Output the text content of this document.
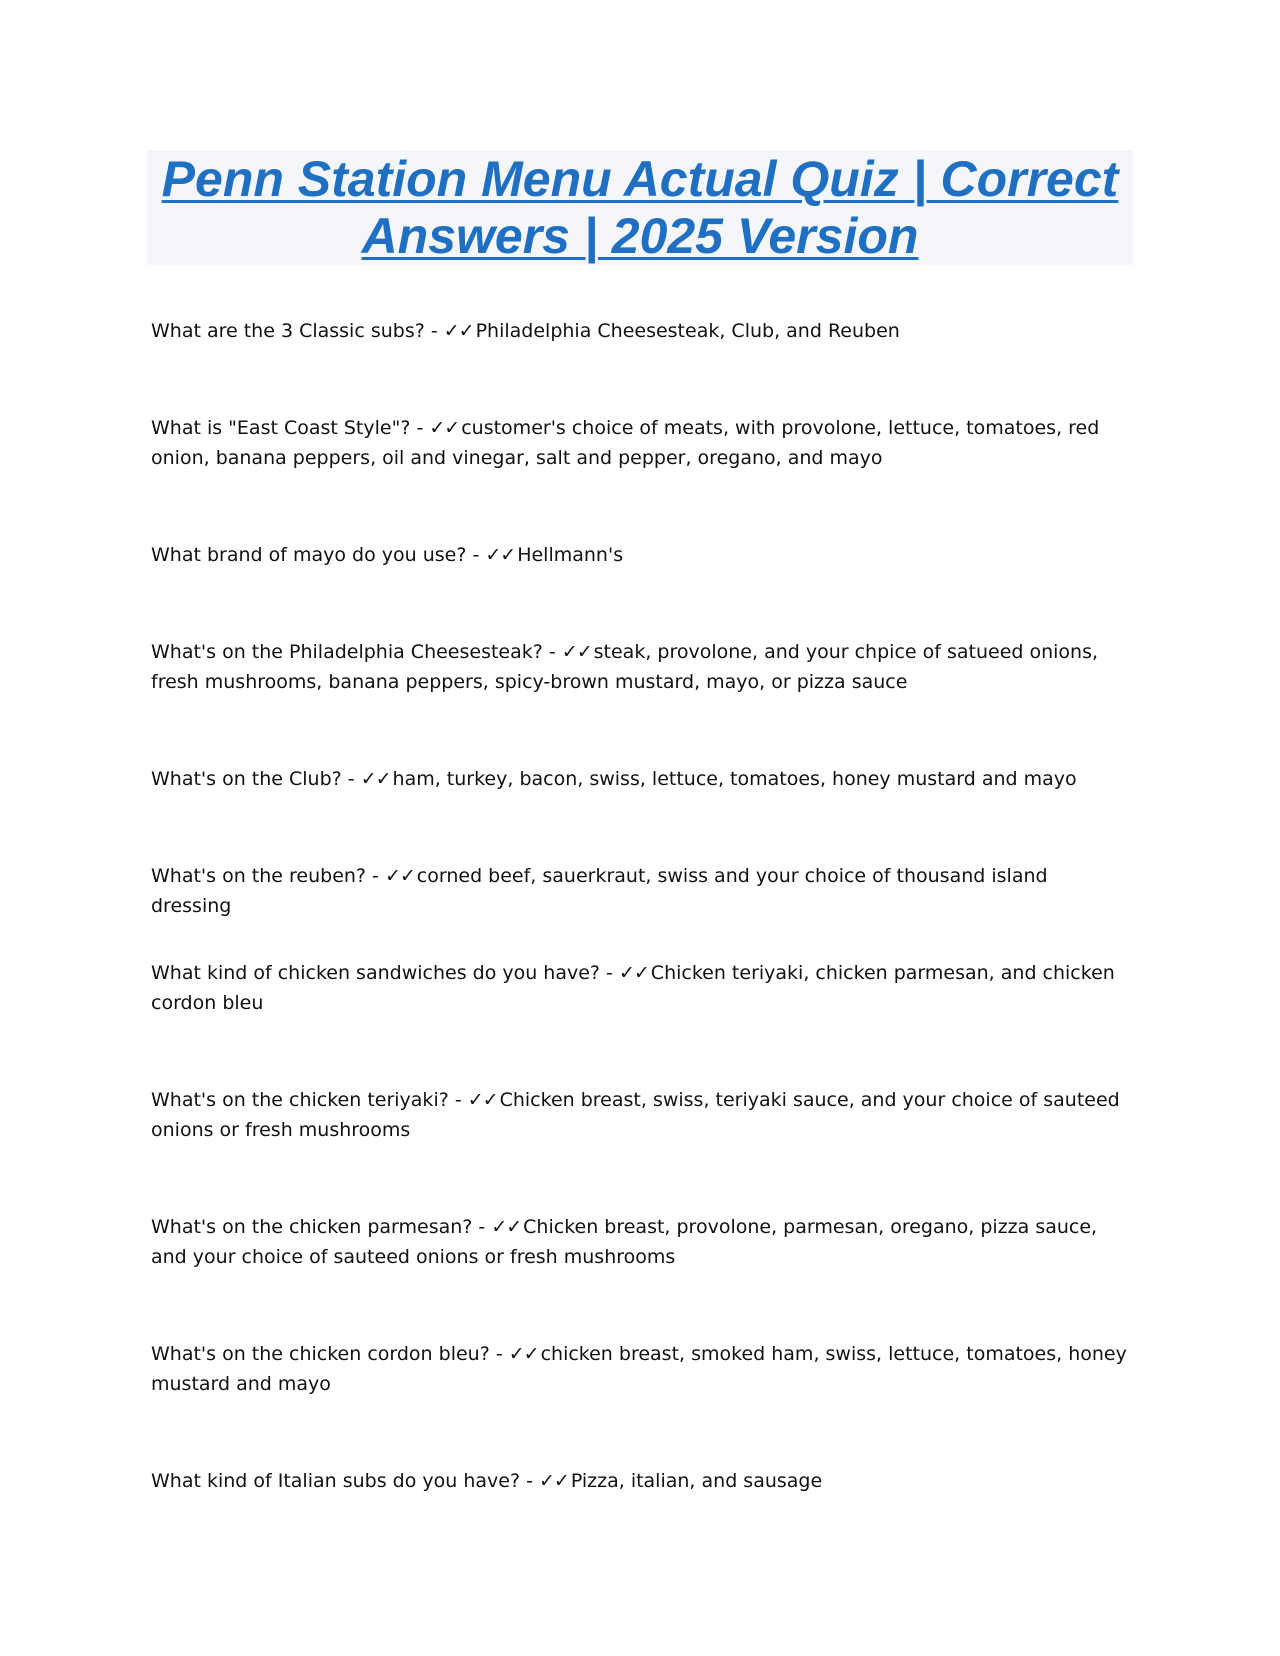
Penn Station Menu Actual Quiz | Correct Answers | 2025 Version
What are the 3 Classic subs? - ✓✓ Philadelphia Cheesesteak, Club, and Reuben
What is "East Coast Style"? - ✓✓ customer's choice of meats, with provolone, lettuce, tomatoes, red onion, banana peppers, oil and vinegar, salt and pepper, oregano, and mayo
What brand of mayo do you use? - ✓✓ Hellmann's
What's on the Philadelphia Cheesesteak? - ✓✓ steak, provolone, and your chpice of satueed onions, fresh mushrooms, banana peppers, spicy-brown mustard, mayo, or pizza sauce
What's on the Club? - ✓✓ ham, turkey, bacon, swiss, lettuce, tomatoes, honey mustard and mayo
What's on the reuben? - ✓✓ corned beef, sauerkraut, swiss and your choice of thousand island dressing
What kind of chicken sandwiches do you have? - ✓✓ Chicken teriyaki, chicken parmesan, and chicken cordon bleu
What's on the chicken teriyaki? - ✓✓ Chicken breast, swiss, teriyaki sauce, and your choice of sauteed onions or fresh mushrooms
What's on the chicken parmesan? - ✓✓ Chicken breast, provolone, parmesan, oregano, pizza sauce, and your choice of sauteed onions or fresh mushrooms
What's on the chicken cordon bleu? - ✓✓ chicken breast, smoked ham, swiss, lettuce, tomatoes, honey mustard and mayo
What kind of Italian subs do you have? - ✓✓ Pizza, italian, and sausage
